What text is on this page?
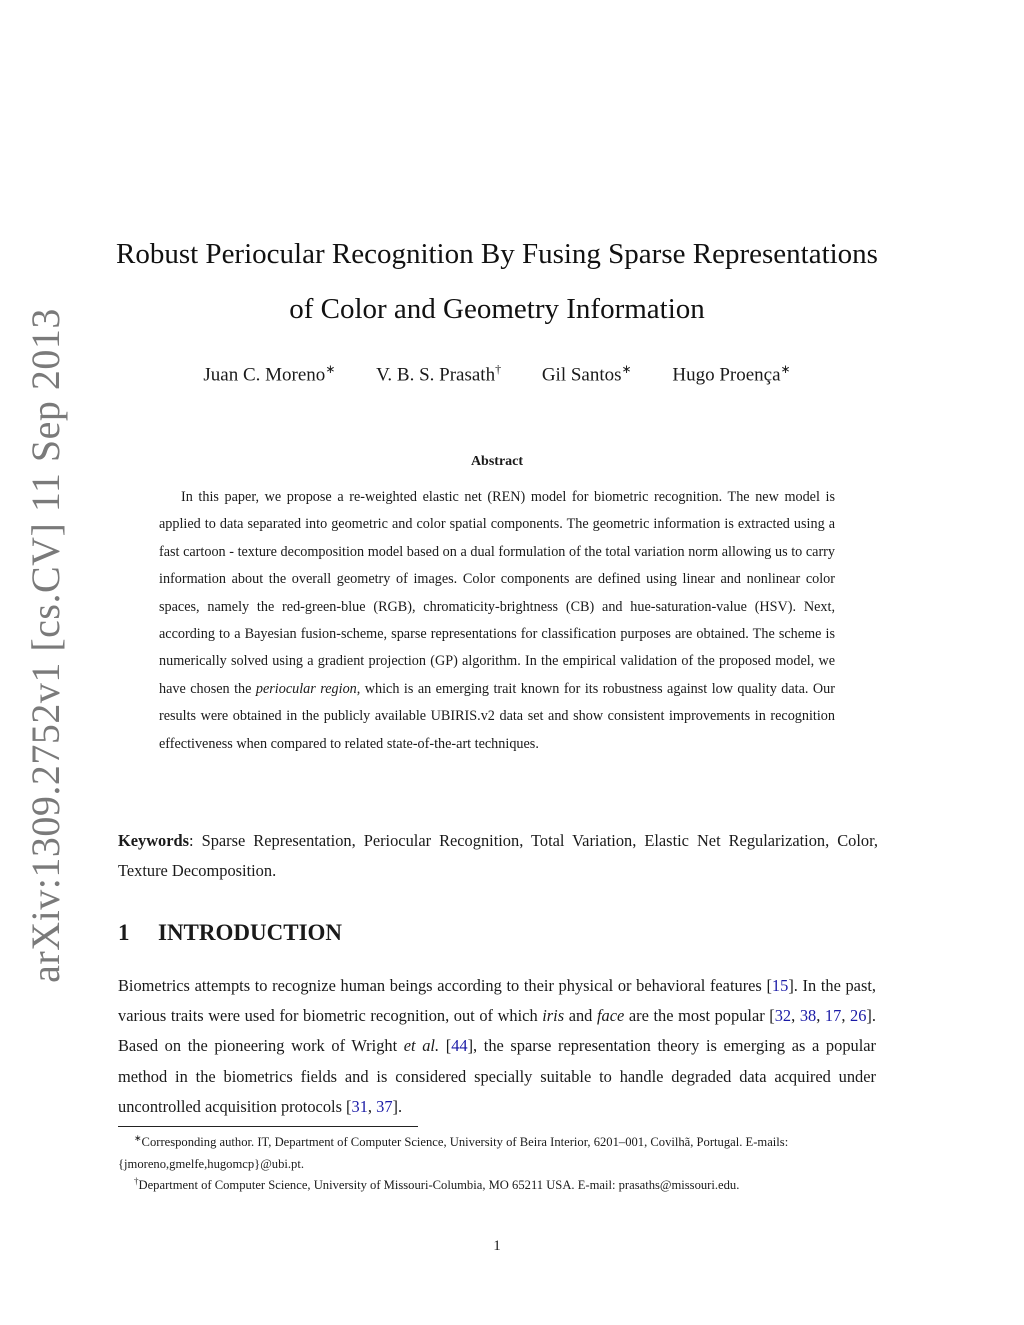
arXiv:1309.2752v1 [cs.CV] 11 Sep 2013
Robust Periocular Recognition By Fusing Sparse Representations
of Color and Geometry Information
Juan C. Moreno∗ V. B. S. Prasath† Gil Santos∗ Hugo Proença∗
Abstract
In this paper, we propose a re-weighted elastic net (REN) model for biometric recognition. The new model is applied to data separated into geometric and color spatial components. The geometric information is extracted using a fast cartoon - texture decomposition model based on a dual formulation of the total variation norm allowing us to carry information about the overall geometry of images. Color components are defined using linear and nonlinear color spaces, namely the red-green-blue (RGB), chromaticity-brightness (CB) and hue-saturation-value (HSV). Next, according to a Bayesian fusion-scheme, sparse representations for classification purposes are obtained. The scheme is numerically solved using a gradient projection (GP) algorithm. In the empirical validation of the proposed model, we have chosen the periocular region, which is an emerging trait known for its robustness against low quality data. Our results were obtained in the publicly available UBIRIS.v2 data set and show consistent improvements in recognition effectiveness when compared to related state-of-the-art techniques.
Keywords: Sparse Representation, Periocular Recognition, Total Variation, Elastic Net Regularization, Color, Texture Decomposition.
1 INTRODUCTION
Biometrics attempts to recognize human beings according to their physical or behavioral features [15]. In the past, various traits were used for biometric recognition, out of which iris and face are the most popular [32, 38, 17, 26]. Based on the pioneering work of Wright et al. [44], the sparse representation theory is emerging as a popular method in the biometrics fields and is considered specially suitable to handle degraded data acquired under uncontrolled acquisition protocols [31, 37].
∗Corresponding author. IT, Department of Computer Science, University of Beira Interior, 6201–001, Covilhã, Portugal. E-mails: {jmoreno,gmelfe,hugomcp}@ubi.pt.
†Department of Computer Science, University of Missouri-Columbia, MO 65211 USA. E-mail: prasaths@missouri.edu.
1
